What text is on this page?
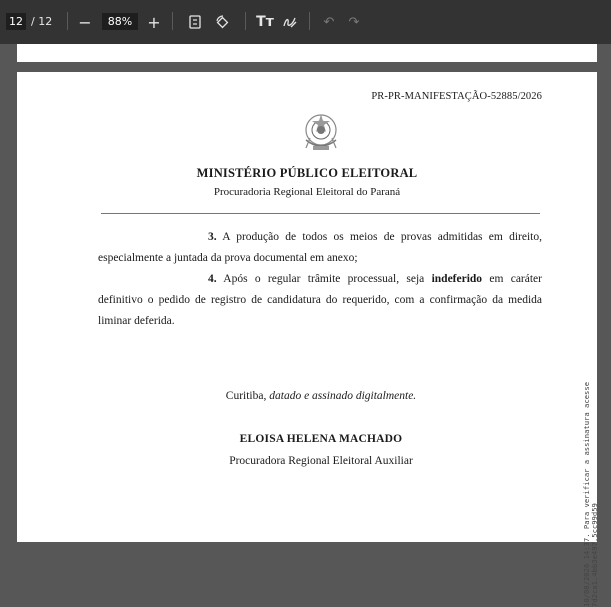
12 / 12 −	88% +	Tт	↶ ↷
PR-PR-MANIFESTAÇÃO-52885/2026
MINISTÉRIO PÚBLICO ELEITORAL
Procuradoria Regional Eleitoral do Paraná
3. A produção de todos os meios de provas admitidas em direito, especialmente a juntada da prova documental em anexo;
4. Após o regular trâmite processual, seja indeferido em caráter definitivo o pedido de registro de candidatura do requerido, com a confirmação da medida liminar deferida.
Curitiba, datado e assinado digitalmente.
ELOISA HELENA MACHADO
Procuradora Regional Eleitoral Auxiliar	10/08/2026 14:37. Para verificar a assinatura acesse 7d2ca1.4bb3e497.5cc99d59
